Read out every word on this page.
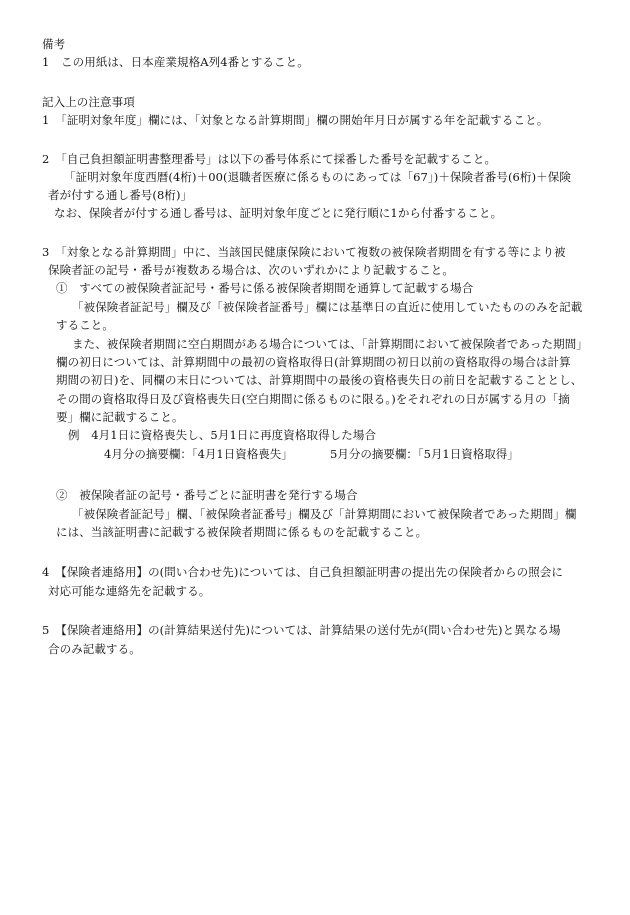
備考
1　この用紙は、日本産業規格A列4番とすること。
記入上の注意事項
1　「証明対象年度」欄には、「対象となる計算期間」欄の開始年月日が属する年を記載すること。
2　「自己負担額証明書整理番号」は以下の番号体系にて採番した番号を記載すること。
「証明対象年度西暦(4桁)＋00(退職者医療に係るものにあっては「67」)＋保険者番号(6桁)＋保険
者が付する通し番号(8桁)」
なお、保険者が付する通し番号は、証明対象年度ごとに発行順に1から付番すること。
3　「対象となる計算期間」中に、当該国民健康保険において複数の被保険者期間を有する等により被
保険者証の記号・番号が複数ある場合は、次のいずれかにより記載すること。
①　すべての被保険者証記号・番号に係る被保険者期間を通算して記載する場合
「被保険者証記号」欄及び「被保険者証番号」欄には基準日の直近に使用していたもののみを記載
すること。
また、被保険者期間に空白期間がある場合については、「計算期間において被保険者であった期間」
欄の初日については、計算期間中の最初の資格取得日(計算期間の初日以前の資格取得の場合は計算
期間の初日)を、同欄の末日については、計算期間中の最後の資格喪失日の前日を記載することとし、
その間の資格取得日及び資格喪失日(空白期間に係るものに限る。)をそれぞれの日が属する月の「摘
要」欄に記載すること。
例　4月1日に資格喪失し、5月1日に再度資格取得した場合
4月分の摘要欄：「4月1日資格喪失」	5月分の摘要欄：「5月1日資格取得」
②　被保険者証の記号・番号ごとに証明書を発行する場合
「被保険者証記号」欄、「被保険者証番号」欄及び「計算期間において被保険者であった期間」欄
には、当該証明書に記載する被保険者期間に係るものを記載すること。
4　【保険者連絡用】の(問い合わせ先)については、自己負担額証明書の提出先の保険者からの照会に
対応可能な連絡先を記載する。
5　【保険者連絡用】の(計算結果送付先)については、計算結果の送付先が(問い合わせ先)と異なる場
合のみ記載する。
